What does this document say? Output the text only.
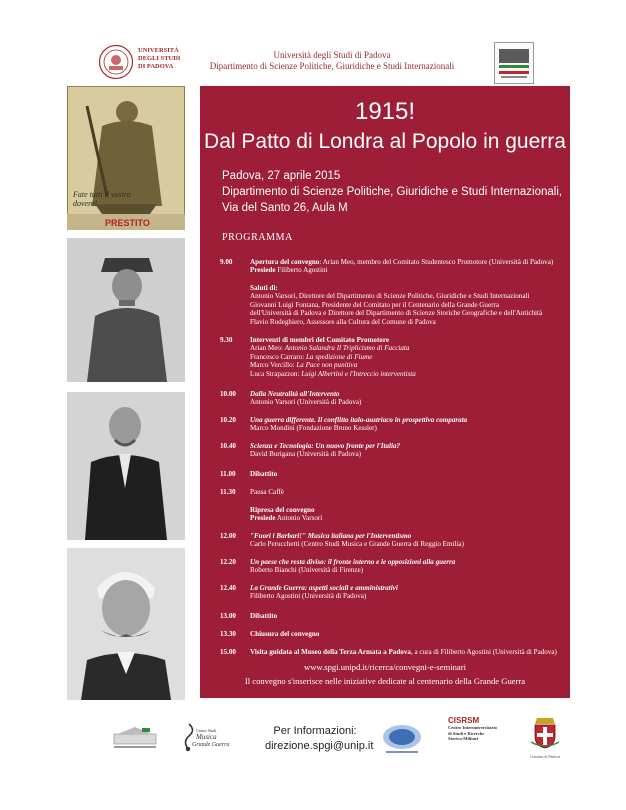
UNIVERSITÀ
DEGLI STUDI
DI PADOVA
Università degli Studi di Padova
Dipartimento di Scienze Politiche, Giuridiche e Studi Internazionali
Fate tutti il vostro dovere!
PRESTITO
1915!
Dal Patto di Londra al Popolo in guerra
Padova, 27 aprile 2015
Dipartimento di Scienze Politiche, Giuridiche e Studi Internazionali,
Via del Santo 26, Aula M
PROGRAMMA
9.00 Apertura del convegno: Arian Meo, membro del Comitato Studentesco Promotore (Università di Padova)
Presiede Filiberto Agostini
Saluti di:
Antonio Varsori, Direttore del Dipartimento di Scienze Politiche, Giuridiche e Studi Internazionali
Giovanni Luigi Fontana, Presidente del Comitato per il Centenario della Grande Guerra
dell'Università di Padova e Direttore del Dipartimento di Scienze Storiche Geografiche e dell'Antichità
Flavio Rodeghiero, Assessore alla Cultura del Comune di Padova
9.30 Interventi di membri del Comitato Promotore
Arian Meo: Antonio Salandra Il Triplicismo di Facciata
Francesco Carraro: La spedizione di Fiume
Marco Vercillo: La Pace non punitiva
Luca Strapazzon: Luigi Albertini e l'Intreccio interventista
10.00 Dalla Neutralità all'Intervento
Antonio Varsori (Università di Padova)
10.20 Una guerra differente. Il conflitto italo-austriaco in prospettiva comparata
Marco Mondini (Fondazione Bruno Kessler)
10.40 Scienza e Tecnologia: Un nuovo fronte per l'Italia?
David Burigana (Università di Padova)
11.00 Dibattito
11.30 Pausa Caffè
Ripresa del convegno
Presiede Antonio Varsori
12.00 "Fuori i Barbari!" Musica italiana per l'Interventismo
Carlo Perucchetti (Centro Studi Musica e Grande Guerra di Reggio Emilia)
12.20 Un paese che resta diviso: il fronte interno e le opposizioni alla guerra
Roberto Bianchi (Università di Firenze)
12.40 La Grande Guerra: aspetti sociali e amministrativi
Filiberto Agostini (Università di Padova)
13.00 Dibattito
13.30 Chiusura del convegno
15.00 Visita guidata al Museo della Terza Armata a Padova, a cura di Filiberto Agostini (Università di Padova)
www.spgi.unipd.it/ricerca/convegni-e-seminari
Il convegno s'inserisce nelle iniziative dedicate al centenario della Grande Guerra
Centro Studi
Musica
Grande Guerra
Per Informazioni:
direzione.spgi@unip.it
CISRSM
Centro Interuniversitario
di Studi e Ricerche
Storico-Militari
Comune di Padova
